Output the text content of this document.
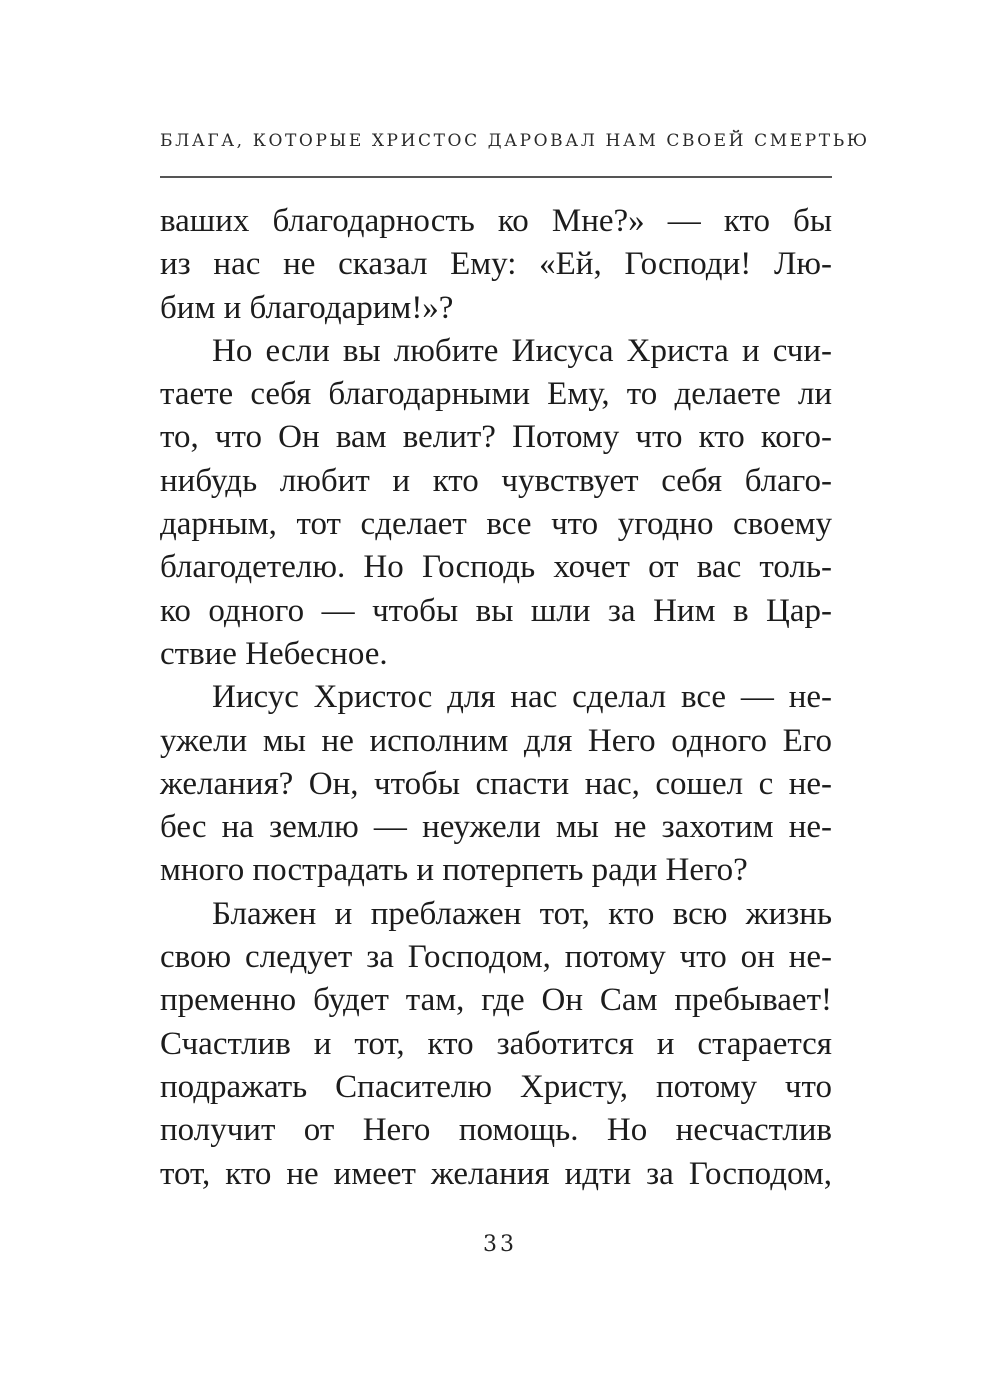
БЛАГА, КОТОРЫЕ ХРИСТОС ДАРОВАЛ НАМ СВОЕЙ СМЕРТЬЮ
ваших благодарность ко Мне?» — кто бы
из нас не сказал Ему: «Ей, Господи! Лю-
бим и благодарим!»?
Но если вы любите Иисуса Христа и счи-
таете себя благодарными Ему, то делаете ли
то, что Он вам велит? Потому что кто кого-
нибудь любит и кто чувствует себя благо-
дарным, тот сделает все что угодно своему
благодетелю. Но Господь хочет от вас толь-
ко одного — чтобы вы шли за Ним в Цар-
ствие Небесное.
Иисус Христос для нас сделал все — не-
ужели мы не исполним для Него одного Его
желания? Он, чтобы спасти нас, сошел с не-
бес на землю — неужели мы не захотим не-
много пострадать и потерпеть ради Него?
Блажен и преблажен тот, кто всю жизнь
свою следует за Господом, потому что он не-
пременно будет там, где Он Сам пребывает!
Счастлив и тот, кто заботится и старается
подражать Спасителю Христу, потому что
получит от Него помощь. Но несчастлив
тот, кто не имеет желания идти за Господом,
33
